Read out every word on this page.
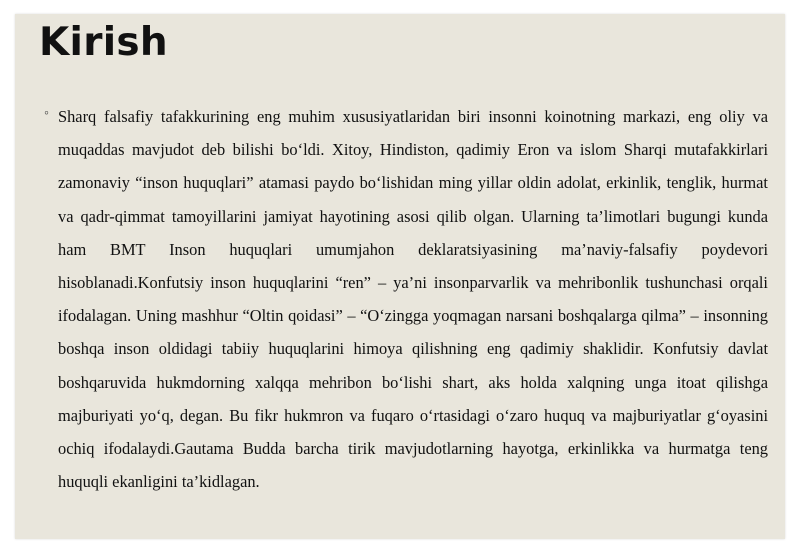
Kirish
◦ Sharq falsafiy tafakkurining eng muhim xususiyatlaridan biri insonni koinotning markazi, eng oliy va muqaddas mavjudot deb bilishi bo‘ldi. Xitoy, Hindiston, qadimiy Eron va islom Sharqi mutafakkirlari zamonaviy “inson huquqlari” atamasi paydo bo‘lishidan ming yillar oldin adolat, erkinlik, tenglik, hurmat va qadr-qimmat tamoyillarini jamiyat hayotining asosi qilib olgan. Ularning ta’limotlari bugungi kunda ham BMT Inson huquqlari umumjahon deklaratsiyasining ma’naviy-falsafiy poydevori hisoblanadi.Konfutsiy inson huquqlarini “ren” – ya’ni insonparvarlik va mehribonlik tushunchasi orqali ifodalagan. Uning mashhur “Oltin qoidasi” – “O‘zingga yoqmagan narsani boshqalarga qilma” – insonning boshqa inson oldidagi tabiiy huquqlarini himoya qilishning eng qadimiy shaklidir. Konfutsiy davlat boshqaruvida hukmdorning xalqqa mehribon bo‘lishi shart, aks holda xalqning unga itoat qilishga majburiyati yo‘q, degan. Bu fikr hukmron va fuqaro o‘rtasidagi o‘zaro huquq va majburiyatlar g‘oyasini ochiq ifodalaydi.Gautama Budda barcha tirik mavjudotlarning hayotga, erkinlikka va hurmatga teng huquqli ekanligini ta’kidlagan.
